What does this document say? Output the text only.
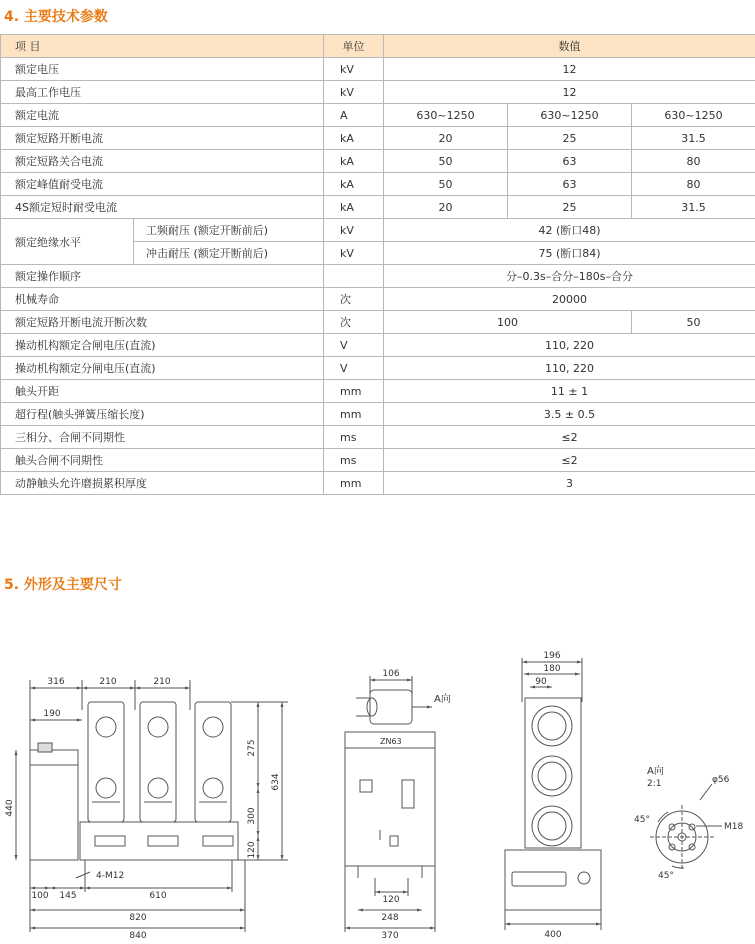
4. 主要技术参数
项 目		单位	数值		
额定电压		kV	12		
最高工作电压		kV	12		
额定电流		A	630~1250	630~1250	630~1250
额定短路开断电流		kA	20	25	31.5
额定短路关合电流		kA	50	63	80
额定峰值耐受电流		kA	50	63	80
4S额定短时耐受电流		kA	20	25	31.5
额定绝缘水平	工频耐压 (额定开断前后)	kV	42 (断口48)		
	冲击耐压 (额定开断前后)	kV	75 (断口84)		
额定操作顺序			分–0.3s–合分–180s–合分		
机械寿命		次	20000		
额定短路开断电流开断次数		次	100		50
操动机构额定合闸电压(直流)		V	110, 220		
操动机构额定分闸电压(直流)		V	110, 220		
触头开距		mm	11 ± 1		
超行程(触头弹簧压缩长度)		mm	3.5 ± 0.5		
三相分、合闸不同期性		ms	≤2		
触头合闸不同期性		ms	≤2		
动静触头允许磨损累积厚度		mm	3		
5. 外形及主要尺寸
316	210	210
190
440
275
634
300
120
4-M12
100 145	610
820
840
106
A向
ZN63
120
248
370
196
180
90
400
A向
2:1	φ56
M18
45°
45°
